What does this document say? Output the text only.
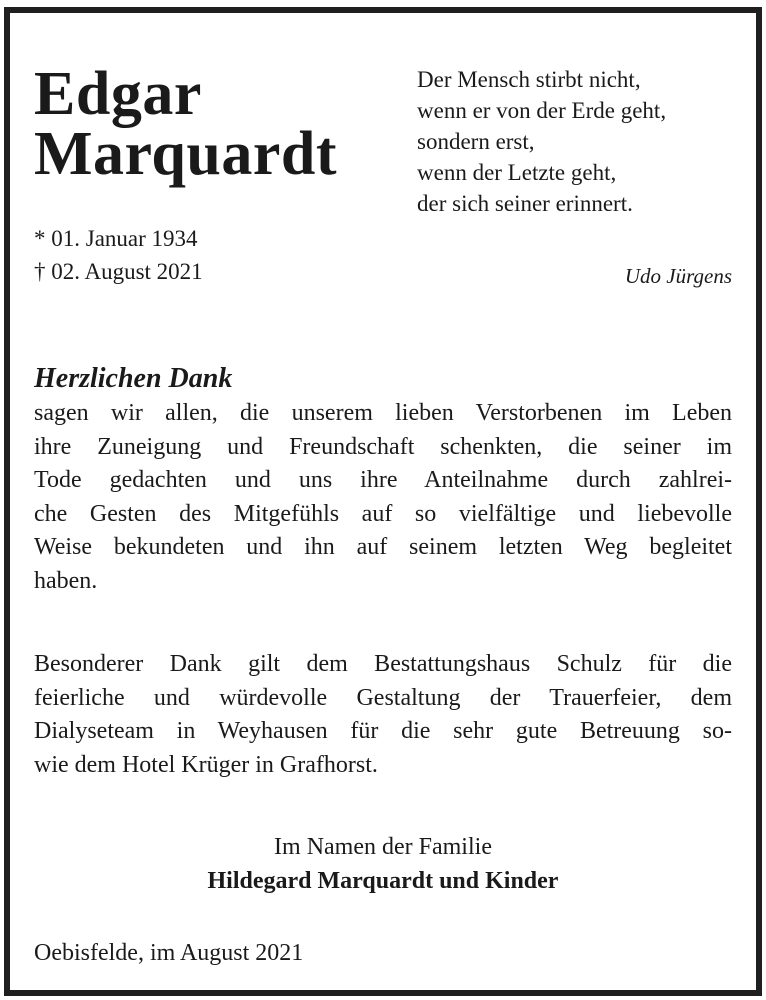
Edgar
Marquardt
* 01. Januar 1934
† 02. August 2021
Der Mensch stirbt nicht,
wenn er von der Erde geht,
sondern erst,
wenn der Letzte geht,
der sich seiner erinnert.
Udo Jürgens
Herzlichen Dank
sagen wir allen, die unserem lieben Verstorbenen im Leben
ihre Zuneigung und Freundschaft schenkten, die seiner im
Tode gedachten und uns ihre Anteilnahme durch zahlrei-
che Gesten des Mitgefühls auf so vielfältige und liebevolle
Weise bekundeten und ihn auf seinem letzten Weg begleitet
haben.
Besonderer Dank gilt dem Bestattungshaus Schulz für die
feierliche und würdevolle Gestaltung der Trauerfeier, dem
Dialyseteam in Weyhausen für die sehr gute Betreuung so-
wie dem Hotel Krüger in Grafhorst.
Im Namen der Familie
Hildegard Marquardt und Kinder
Oebisfelde, im August 2021
